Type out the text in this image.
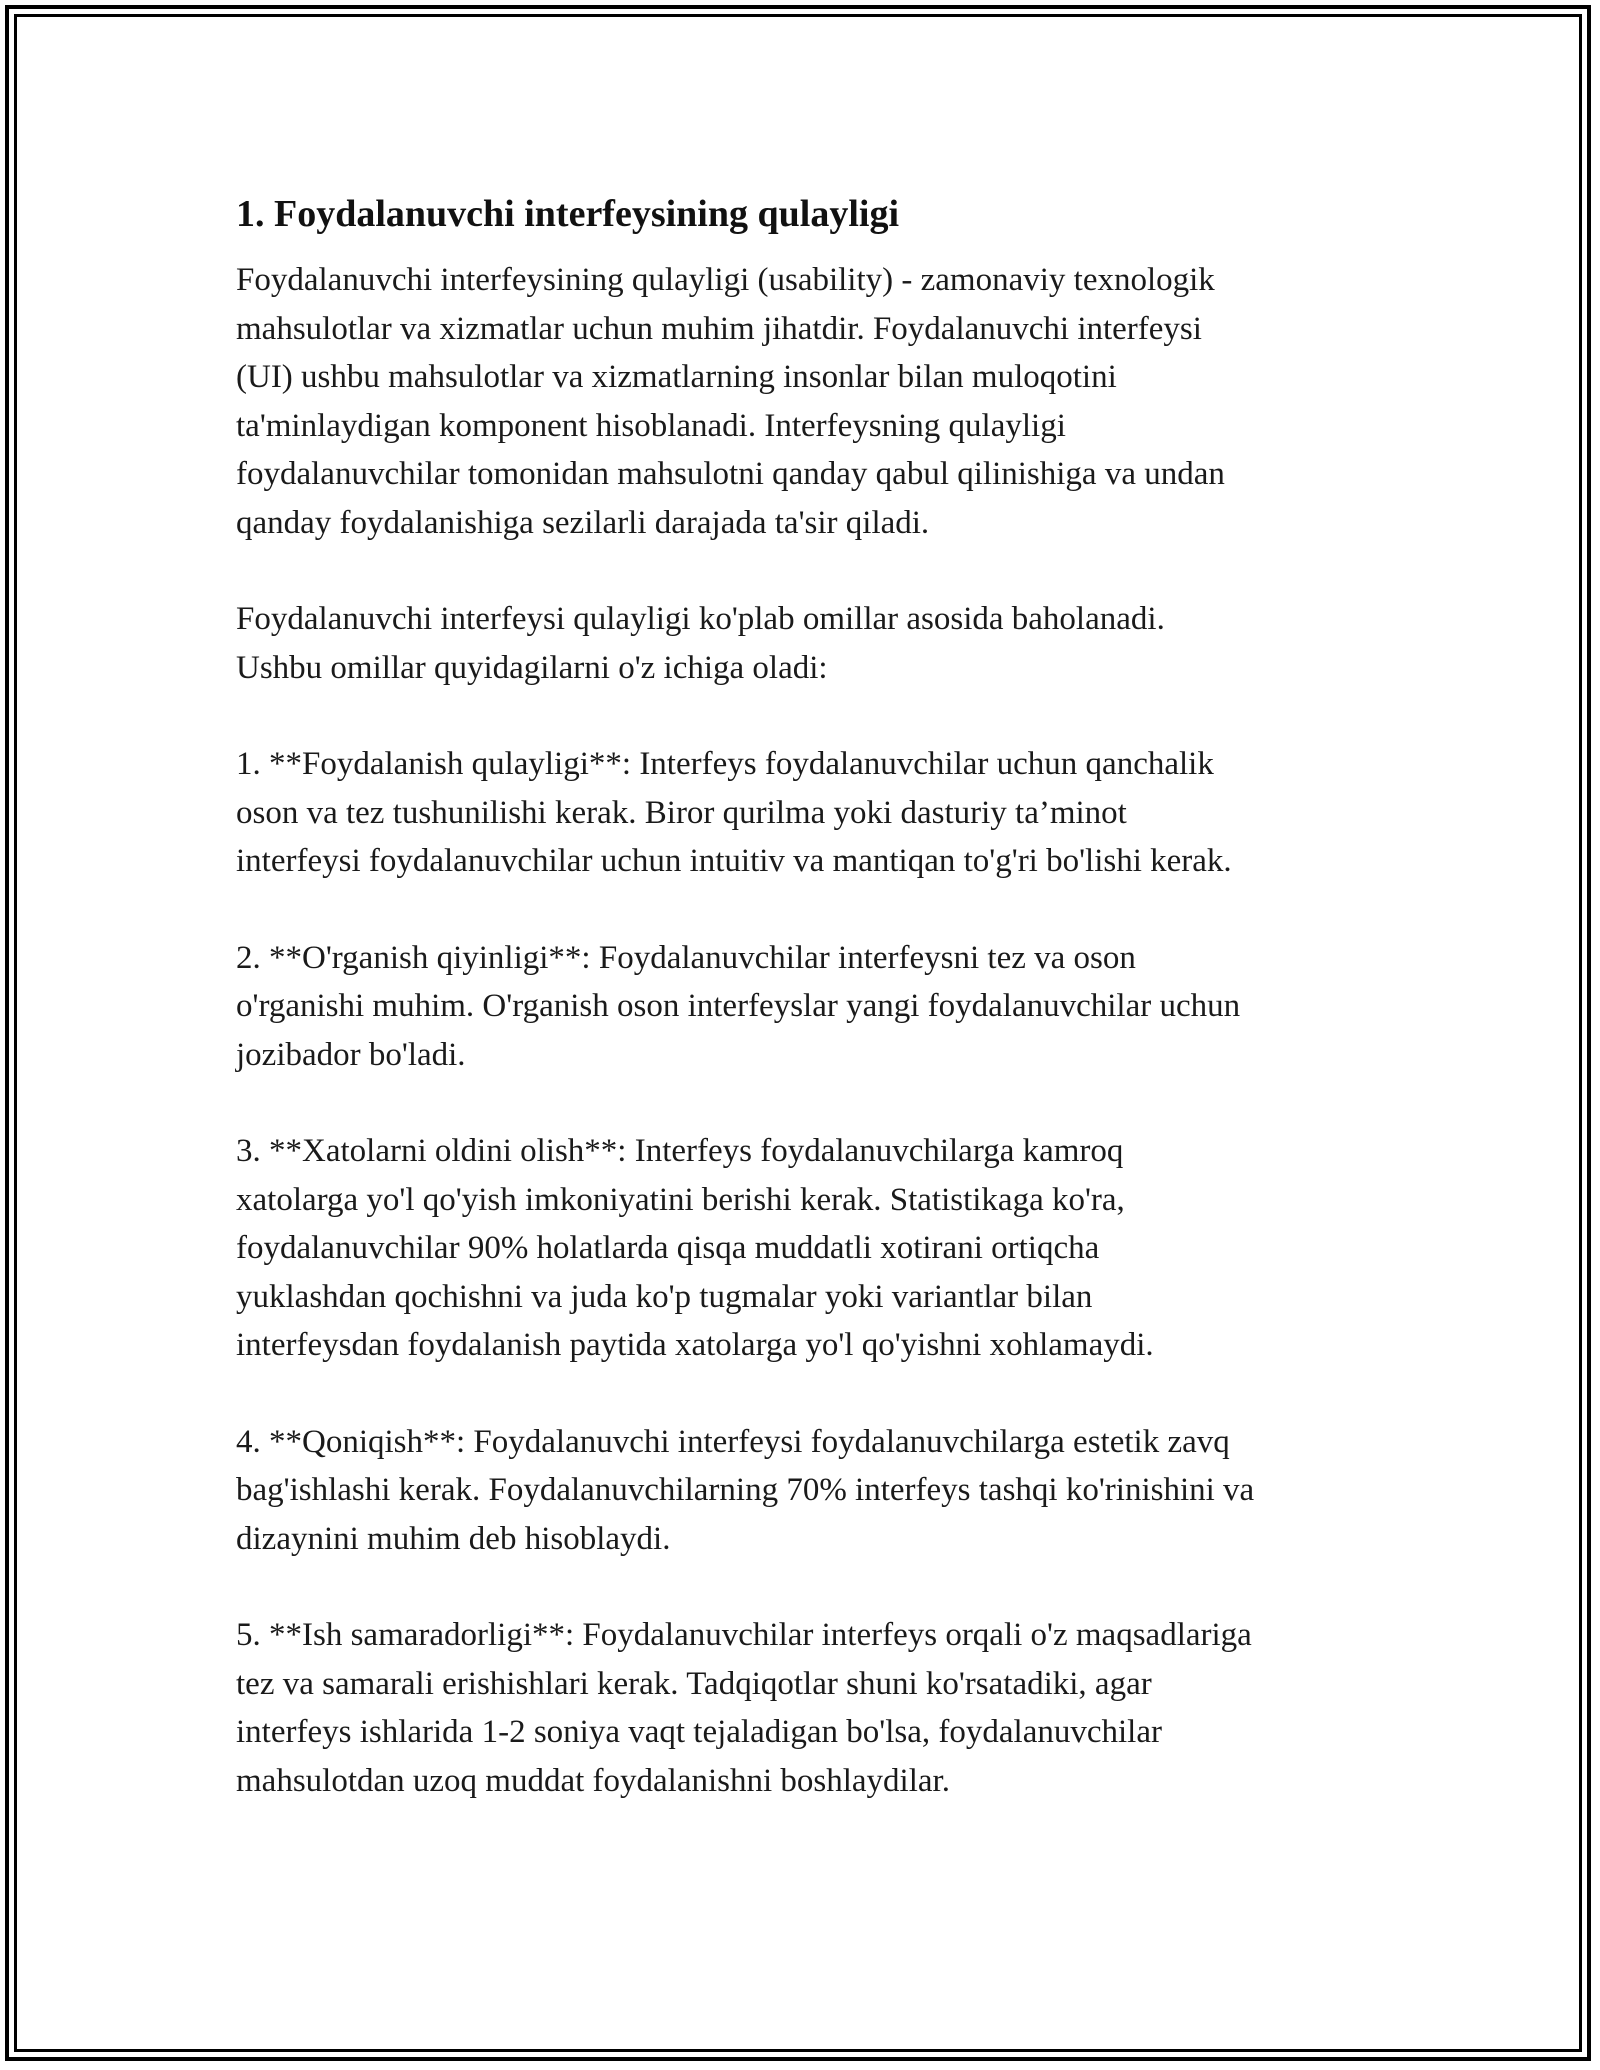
1. Foydalanuvchi interfeysining qulayligi

Foydalanuvchi interfeysining qulayligi (usability) - zamonaviy texnologik
mahsulotlar va xizmatlar uchun muhim jihatdir. Foydalanuvchi interfeysi
(UI) ushbu mahsulotlar va xizmatlarning insonlar bilan muloqotini
ta'minlaydigan komponent hisoblanadi. Interfeysning qulayligi
foydalanuvchilar tomonidan mahsulotni qanday qabul qilinishiga va undan
qanday foydalanishiga sezilarli darajada ta'sir qiladi.

Foydalanuvchi interfeysi qulayligi ko'plab omillar asosida baholanadi.
Ushbu omillar quyidagilarni o'z ichiga oladi:

1. **Foydalanish qulayligi**: Interfeys foydalanuvchilar uchun qanchalik
oson va tez tushunilishi kerak. Biror qurilma yoki dasturiy ta’minot
interfeysi foydalanuvchilar uchun intuitiv va mantiqan to'g'ri bo'lishi kerak.

2. **O'rganish qiyinligi**: Foydalanuvchilar interfeysni tez va oson
o'rganishi muhim. O'rganish oson interfeyslar yangi foydalanuvchilar uchun
jozibador bo'ladi.

3. **Xatolarni oldini olish**: Interfeys foydalanuvchilarga kamroq
xatolarga yo'l qo'yish imkoniyatini berishi kerak. Statistikaga ko'ra,
foydalanuvchilar 90% holatlarda qisqa muddatli xotirani ortiqcha
yuklashdan qochishni va juda ko'p tugmalar yoki variantlar bilan
interfeysdan foydalanish paytida xatolarga yo'l qo'yishni xohlamaydi.

4. **Qoniqish**: Foydalanuvchi interfeysi foydalanuvchilarga estetik zavq
bag'ishlashi kerak. Foydalanuvchilarning 70% interfeys tashqi ko'rinishini va
dizaynini muhim deb hisoblaydi.

5. **Ish samaradorligi**: Foydalanuvchilar interfeys orqali o'z maqsadlariga
tez va samarali erishishlari kerak. Tadqiqotlar shuni ko'rsatadiki, agar
interfeys ishlarida 1-2 soniya vaqt tejaladigan bo'lsa, foydalanuvchilar
mahsulotdan uzoq muddat foydalanishni boshlaydilar.
